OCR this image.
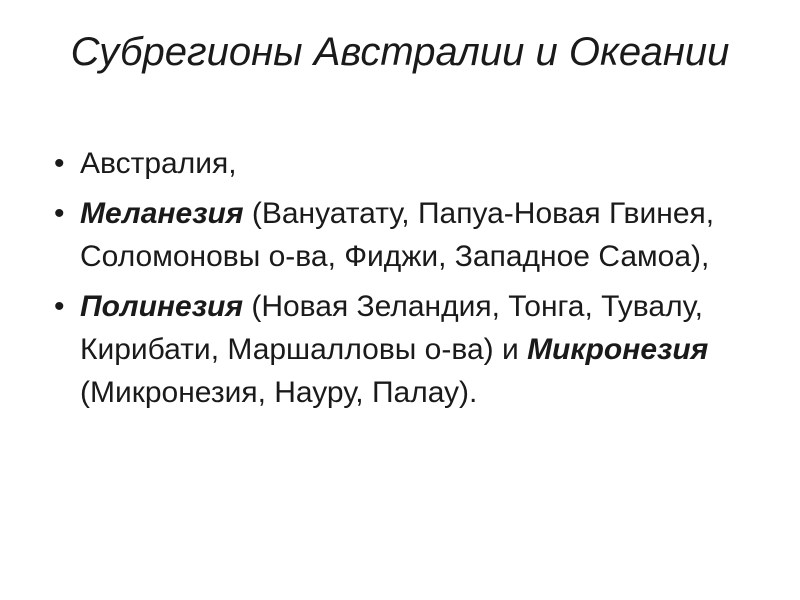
Субрегионы Австралии и Океании
• Австралия,
• Меланезия (Вануатату, Папуа-Новая Гвинея, Соломоновы о-ва, Фиджи, Западное Самоа),
• Полинезия (Новая Зеландия, Тонга, Тувалу, Кирибати, Маршалловы о-ва) и Микронезия (Микронезия, Науру, Палау).
